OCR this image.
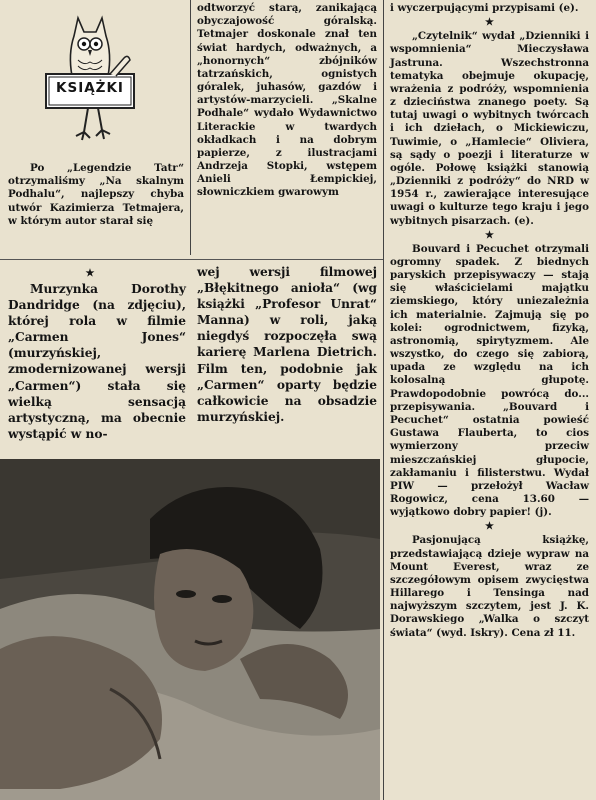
KSIĄŻKI

Po „Legendzie Tatr“ otrzymaliśmy „Na skalnym Podhalu“, najlepszy chyba utwór Kazimierza Tetmajera, w którym autor starał się

odtworzyć starą, zanikającą obyczajowość góralską. Tetmajer doskonale znał ten świat hardych, odważnych, a „honornych“ zbójników tatrzańskich, ognistych góralek, juhasów, gazdów i artystów-marzycieli. „Skalne Podhale“ wydało Wydawnictwo Literackie w twardych okładkach i na dobrym papierze, z ilustracjami Andrzeja Stopki, wstępem Anieli Łempickiej, słowniczkiem gwarowym

★

Murzynka Dorothy Dandridge (na zdjęciu), której rola w filmie „Carmen Jones“ (murzyńskiej, zmodernizowanej wersji „Carmen“) stała się wielką sensacją artystyczną, ma obecnie wystąpić w no-

wej wersji filmowej „Błękitnego anioła“ (wg książki „Profesor Unrat“ Manna) w roli, jaką niegdyś rozpoczęła swą karierę Marlena Dietrich. Film ten, podobnie jak „Carmen“ oparty będzie całkowicie na obsadzie murzyńskiej.

i wyczerpującymi przypisami (e).

★

„Czytelnik“ wydał „Dzienniki i wspomnienia“ Mieczysława Jastruna. Wszechstronna tematyka obejmuje okupację, wrażenia z podróży, wspomnienia z dzieciństwa znanego poety. Są tutaj uwagi o wybitnych twórcach i ich dziełach, o Mickiewiczu, Tuwimie, o „Hamlecie“ Oliviera, są sądy o poezji i literaturze w ogóle. Połowę książki stanowią „Dzienniki z podróży“ do NRD w 1954 r., zawierające interesujące uwagi o kulturze tego kraju i jego wybitnych pisarzach. (e).

★

Bouvard i Pecuchet otrzymali ogromny spadek. Z biednych paryskich przepisywaczy — stają się właścicielami majątku ziemskiego, który uniezależnia ich materialnie. Zajmują się po kolei: ogrodnictwem, fizyką, astronomią, spirytyzmem. Ale wszystko, do czego się zabiorą, upada ze względu na ich kolosalną głupotę. Prawdopodobnie powrócą do... przepisywania. „Bouvard i Pecuchet“ ostatnia powieść Gustawa Flauberta, to cios wymierzony przeciw mieszczańskiej głupocie, zakłamaniu i filisterstwu. Wydał PIW — przełożył Wacław Rogowicz, cena 13.60 — wyjątkowo dobry papier! (j).

★

Pasjonującą książkę, przedstawiającą dzieje wypraw na Mount Everest, wraz ze szczegółowym opisem zwycięstwa Hillarego i Tensinga nad najwyższym szczytem, jest J. K. Dorawskiego „Walka o szczyt świata“ (wyd. Iskry). Cena zł 11.
